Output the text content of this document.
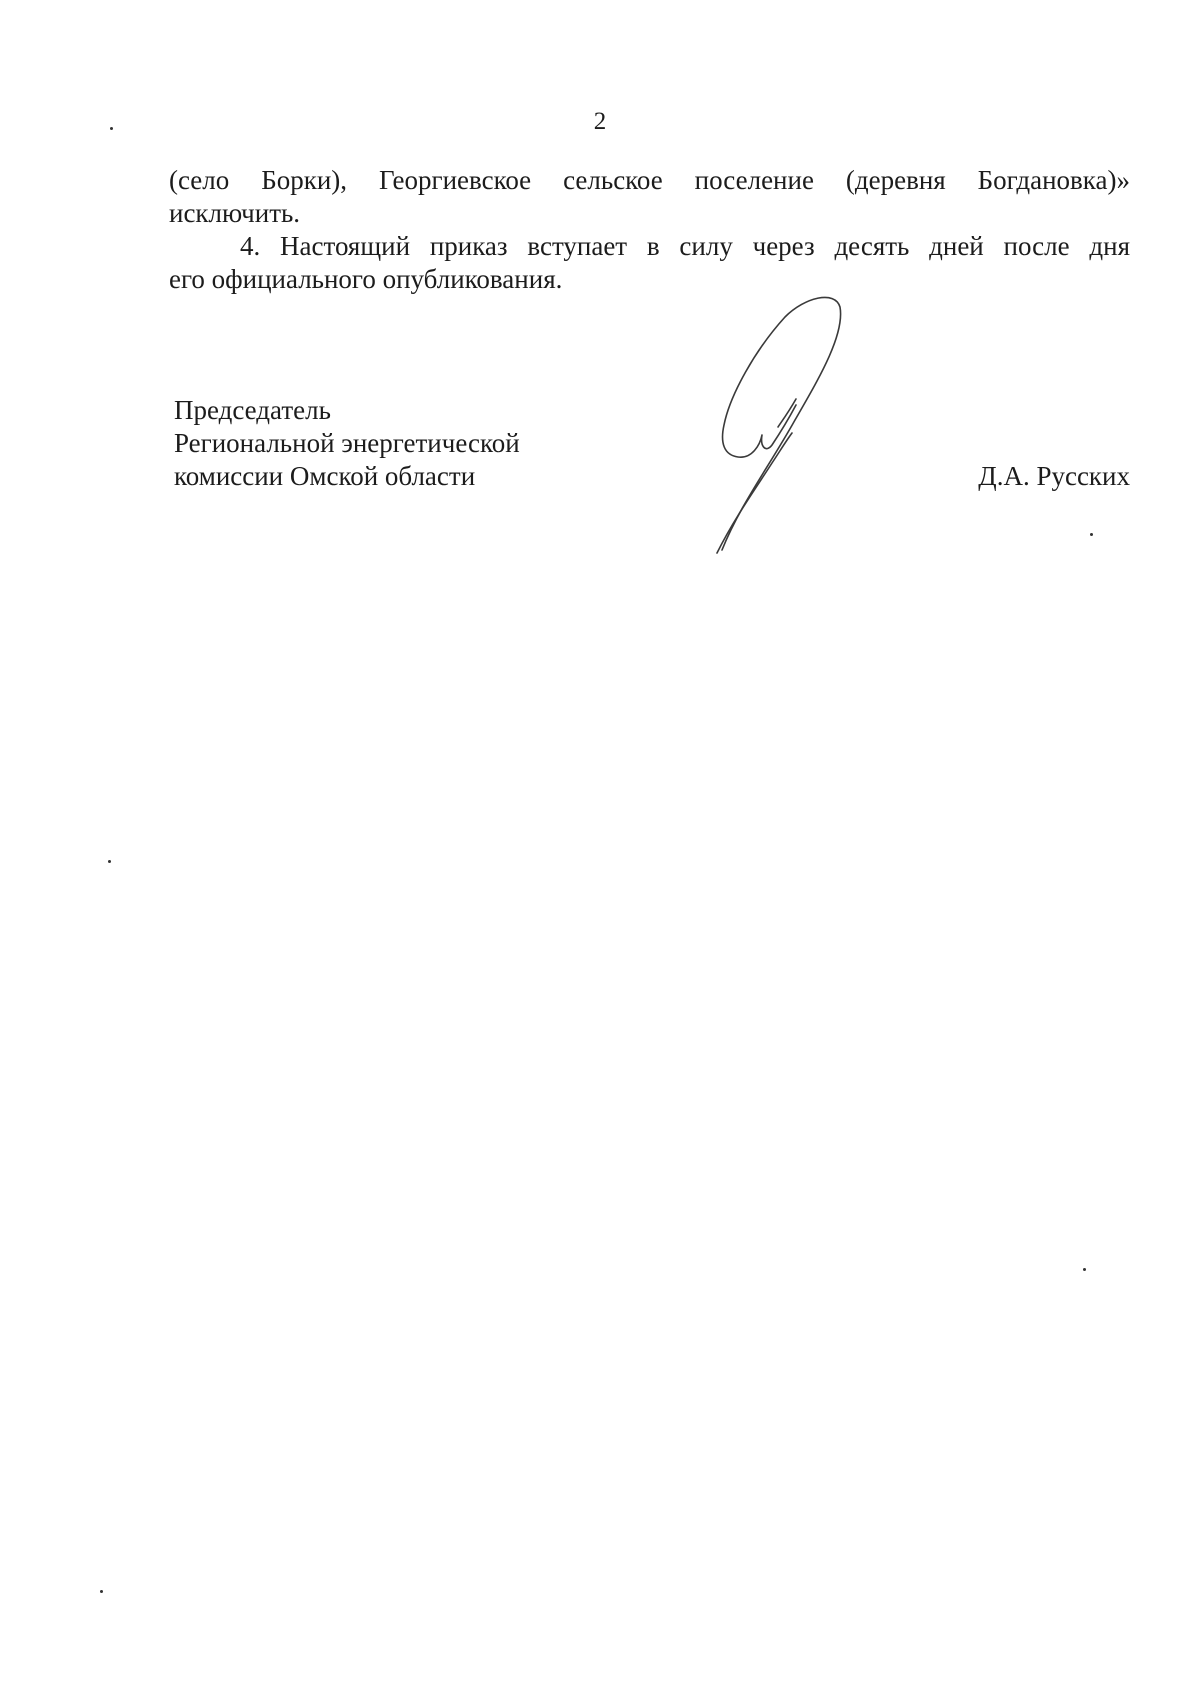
2

(село Борки), Георгиевское сельское поселение (деревня Богдановка)»

исключить.

4. Настоящий приказ вступает в силу через десять дней после дня

его официального опубликования.

Председатель
Региональной энергетической
комиссии Омской области	Д.А. Русских
